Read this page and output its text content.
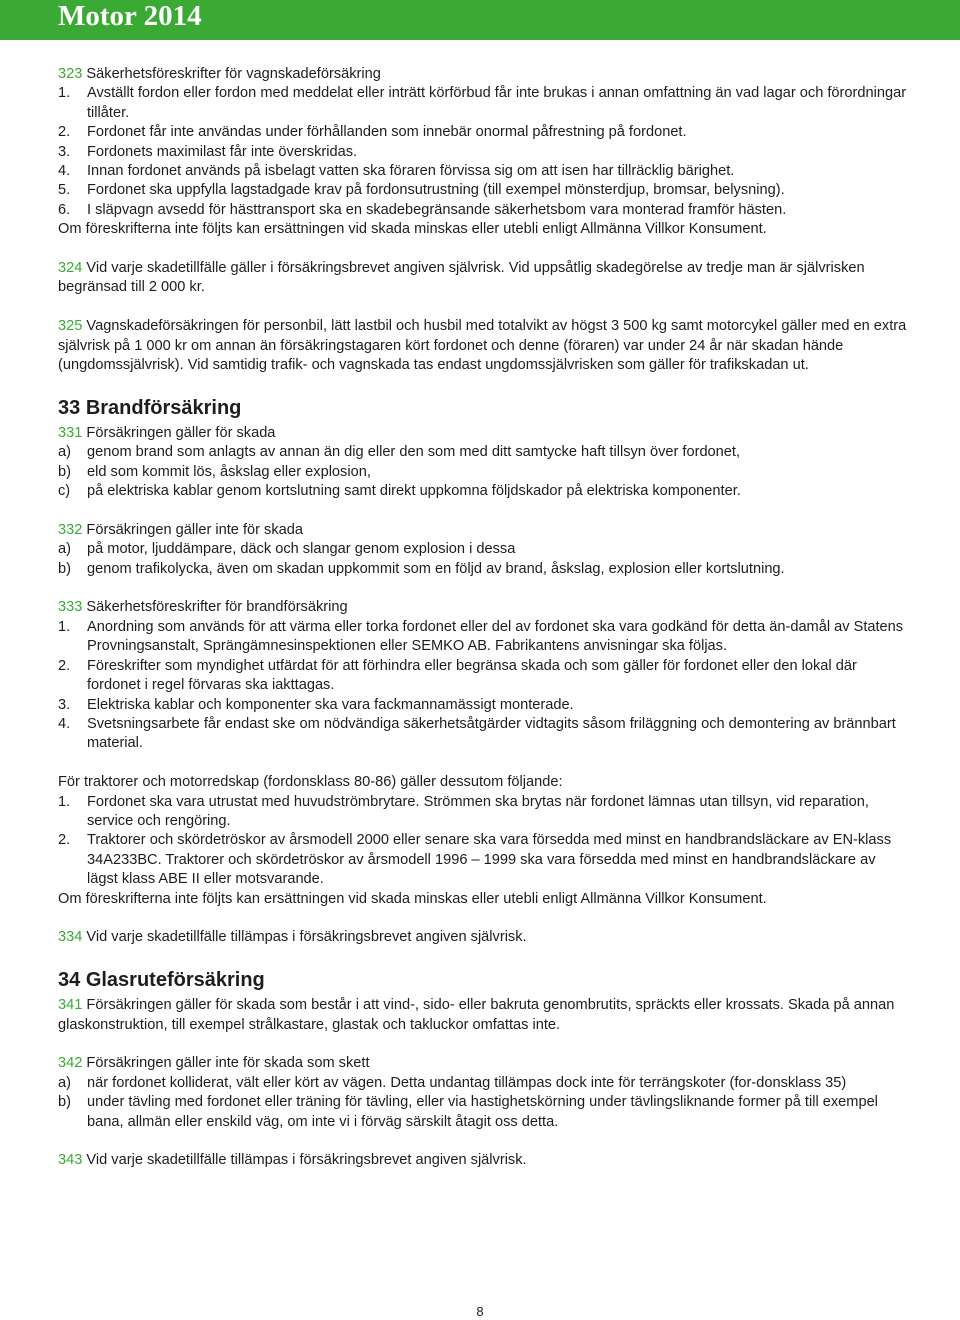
Motor 2014

323 Säkerhetsföreskrifter för vagnskadeförsäkring

1.	Avställt fordon eller fordon med meddelat eller inträtt körförbud får inte brukas i annan omfattning än vad lagar och förordningar tillåter.
2.	Fordonet får inte användas under förhållanden som innebär onormal påfrestning på fordonet.
3.	Fordonets maximilast får inte överskridas.
4.	Innan fordonet används på isbelagt vatten ska föraren förvissa sig om att isen har tillräcklig bärighet.
5.	Fordonet ska uppfylla lagstadgade krav på fordonsutrustning (till exempel mönsterdjup, bromsar, belysning).
6.	I släpvagn avsedd för hästtransport ska en skadebegränsande säkerhetsbom vara monterad framför hästen.

Om föreskrifterna inte följts kan ersättningen vid skada minskas eller utebli enligt Allmänna Villkor Konsument.

324 Vid varje skadetillfälle gäller i försäkringsbrevet angiven självrisk. Vid uppsåtlig skadegörelse av tredje man är självrisken begränsad till 2 000 kr.

325 Vagnskadeförsäkringen för personbil, lätt lastbil och husbil med totalvikt av högst 3 500 kg samt motorcykel gäller med en extra självrisk på 1 000 kr om annan än försäkringstagaren kört fordonet och denne (föraren) var under 24 år när skadan hände (ungdomssjälvrisk). Vid samtidig trafik- och vagnskada tas endast ungdomssjälvrisken som gäller för trafikskadan ut.

33 Brandförsäkring

331 Försäkringen gäller för skada

a)	genom brand som anlagts av annan än dig eller den som med ditt samtycke haft tillsyn över fordonet,
b)	eld som kommit lös, åskslag eller explosion,
c)	på elektriska kablar genom kortslutning samt direkt uppkomna följdskador på elektriska komponenter.

332 Försäkringen gäller inte för skada

a)	på motor, ljuddämpare, däck och slangar genom explosion i dessa
b)	genom trafikolycka, även om skadan uppkommit som en följd av brand, åskslag, explosion eller kortslutning.

333 Säkerhetsföreskrifter för brandförsäkring

1.	Anordning som används för att värma eller torka fordonet eller del av fordonet ska vara godkänd för detta än-damål av Statens Provningsanstalt, Sprängämnesinspektionen eller SEMKO AB. Fabrikantens anvisningar ska följas.
2.	Föreskrifter som myndighet utfärdat för att förhindra eller begränsa skada och som gäller för fordonet eller den lokal där fordonet i regel förvaras ska iakttagas.
3.	Elektriska kablar och komponenter ska vara fackmannamässigt monterade.
4.	Svetsningsarbete får endast ske om nödvändiga säkerhetsåtgärder vidtagits såsom friläggning och demontering av brännbart material.

För traktorer och motorredskap (fordonsklass 80-86) gäller dessutom följande:

1.	Fordonet ska vara utrustat med huvudströmbrytare. Strömmen ska brytas när fordonet lämnas utan tillsyn, vid reparation, service och rengöring.
2.	Traktorer och skördetröskor av årsmodell 2000 eller senare ska vara försedda med minst en handbrandsläckare av EN-klass 34A233BC. Traktorer och skördetröskor av årsmodell 1996 – 1999 ska vara försedda med minst en handbrandsläckare av lägst klass ABE II eller motsvarande.

Om föreskrifterna inte följts kan ersättningen vid skada minskas eller utebli enligt Allmänna Villkor Konsument.

334 Vid varje skadetillfälle tillämpas i försäkringsbrevet angiven självrisk.

34 Glasruteförsäkring

341 Försäkringen gäller för skada som består i att vind-, sido- eller bakruta genombrutits, spräckts eller krossats. Skada på annan glaskonstruktion, till exempel strålkastare, glastak och takluckor omfattas inte.

342 Försäkringen gäller inte för skada som skett

a)	när fordonet kolliderat, vält eller kört av vägen. Detta undantag tillämpas dock inte för terrängskoter (for-donsklass 35)
b)	under tävling med fordonet eller träning för tävling, eller via hastighetskörning under tävlingsliknande former på till exempel bana, allmän eller enskild väg, om inte vi i förväg särskilt åtagit oss detta.

343 Vid varje skadetillfälle tillämpas i försäkringsbrevet angiven självrisk.

8
